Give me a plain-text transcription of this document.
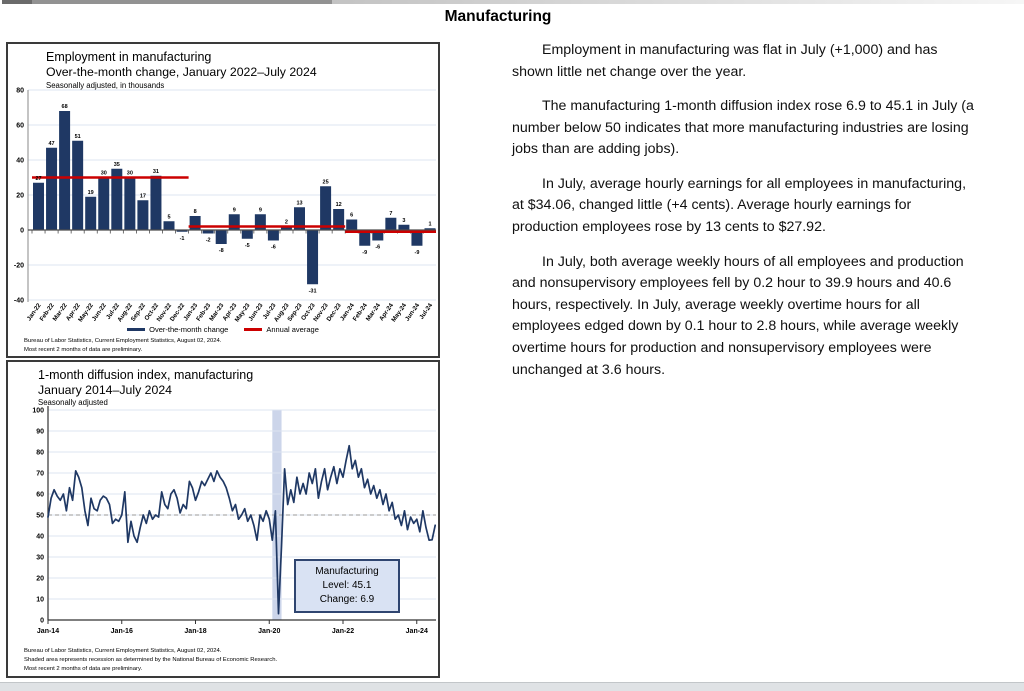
Manufacturing
80
60
40
20
0
-20
-40
27
47
68
51
19
30
35
30
17
31
5
-1
8
-2
-8
9
-5
9
-6
2
13
-31
25
12
6
-9
-6
7
3
-9
1
Jan-22
Feb-22
Mar-22
Apr-22
May-22
Jun-22
Jul-22
Aug-22
Sep-22
Oct-22
Nov-22
Dec-22
Jan-23
Feb-23
Mar-23
Apr-23
May-23
Jun-23
Jul-23
Aug-23
Sep-23
Oct-23
Nov-23
Dec-23
Jan-24
Feb-24
Mar-24
Apr-24
May-24
Jun-24
Jul-24
Employment in manufacturing
Over-the-month change, January 2022–July 2024
Seasonally adjusted, in thousands
Over-the-month change	Annual average
Bureau of Labor Statistics, Current Employment Statistics, August 02, 2024.
Most recent 2 months of data are preliminary.
100
90
80
70
60
50
40
30
20
10
0
Jan-14	Jan-16	Jan-18	Jan-20	Jan-22	Jan-24
1-month diffusion index, manufacturing
January 2014–July 2024
Seasonally adjusted
Manufacturing
Level: 45.1
Change: 6.9
Bureau of Labor Statistics, Current Employment Statistics, August 02, 2024.
Shaded area represents recession as determined by the National Bureau of Economic Research.
Most recent 2 months of data are preliminary.

Employment in manufacturing was flat in July (+1,000) and has shown little net change over the year.

The manufacturing 1-month diffusion index rose 6.9 to 45.1 in July (a number below 50 indicates that more manufacturing industries are losing jobs than are adding jobs).

In July, average hourly earnings for all employees in manufacturing, at $34.06, changed little (+4 cents). Average hourly earnings for production employees rose by 13 cents to $27.92.

In July, both average weekly hours of all employees and production and nonsupervisory employees fell by 0.2 hour to 39.9 hours and 40.6 hours, respectively. In July, average weekly overtime hours for all employees edged down by 0.1 hour to 2.8 hours, while average weekly overtime hours for production and nonsupervisory employees were unchanged at 3.6 hours.
